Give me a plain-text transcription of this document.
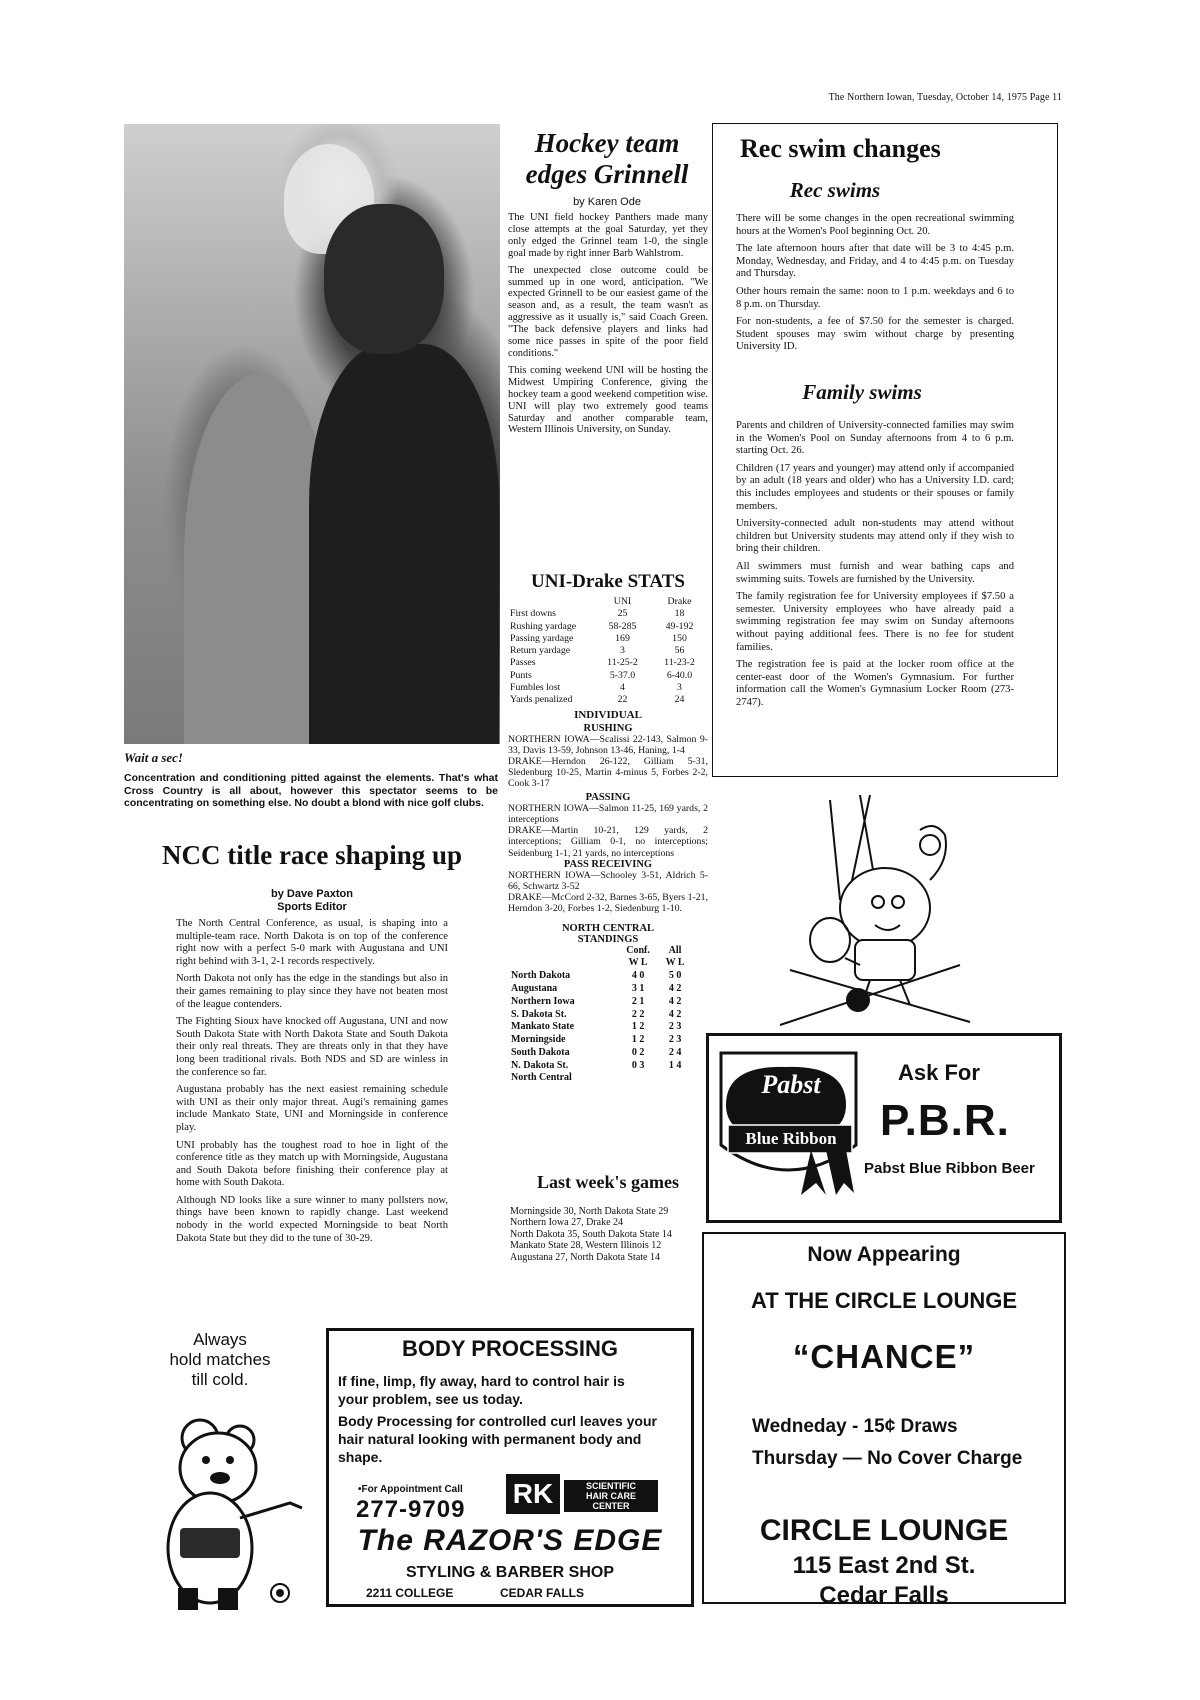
The Northern Iowan, Tuesday, October 14, 1975 Page 11
Wait a sec!
Concentration and conditioning pitted against the elements. That's what Cross Country is all about, however this spectator seems to be concentrating on something else. No doubt a blond with nice golf clubs.
NCC title race shaping up
by Dave Paxton
Sports Editor

The North Central Conference, as usual, is shaping into a multiple-team race. North Dakota is on top of the conference right now with a perfect 5-0 mark with Augustana and UNI right behind with 3-1, 2-1 records respectively.

North Dakota not only has the edge in the standings but also in their games remaining to play since they have not beaten most of the league contenders.

The Fighting Sioux have knocked off Augustana, UNI and now South Dakota State with North Dakota State and South Dakota their only real threats. They are threats only in that they have long been traditional rivals. Both NDS and SD are winless in the conference so far.

Augustana probably has the next easiest remaining schedule with UNI as their only major threat. Augi's remaining games include Mankato State, UNI and Morningside in conference play.

UNI probably has the toughest road to hoe in light of the conference title as they match up with Morningside, Augustana and South Dakota before finishing their conference play at home with South Dakota.

Although ND looks like a sure winner to many pollsters now, things have been known to rapidly change. Last weekend nobody in the world expected Morningside to beat North Dakota State but they did to the tune of 30-29.

Hockey team
edges Grinnell
by Karen Ode

The UNI field hockey Panthers made many close attempts at the goal Saturday, yet they only edged the Grinnel team 1-0, the single goal made by right inner Barb Wahlstrom.

The unexpected close outcome could be summed up in one word, anticipation. "We expected Grinnell to be our easiest game of the season and, as a result, the team wasn't as aggressive as it usually is," said Coach Green. "The back defensive players and links had some nice passes in spite of the poor field conditions."

This coming weekend UNI will be hosting the Midwest Umpiring Conference, giving the hockey team a good weekend competition wise. UNI will play two extremely good teams Saturday and another comparable team, Western Illinois University, on Sunday.

UNI-Drake STATS
	UNI	Drake
First downs	25	18
Rushing yardage	58-285	49-192
Passing yardage	169	150
Return yardage	3	56
Passes	11-25-2	11-23-2
Punts	5-37.0	6-40.0
Fumbles lost	4	3
Yards penalized	22	24
INDIVIDUAL
RUSHING
NORTHERN IOWA—Scalissi 22-143, Salmon 9-33, Davis 13-59, Johnson 13-46, Haning, 1-4
DRAKE—Herndon 26-122, Gilliam 5-31, Sledenburg 10-25, Martin 4-minus 5, Forbes 2-2, Cook 3-17
PASSING
NORTHERN IOWA—Salmon 11-25, 169 yards, 2 interceptions
DRAKE—Martin 10-21, 129 yards, 2 interceptions; Gilliam 0-1, no interceptions; Seidenburg 1-1, 21 yards, no interceptions
PASS RECEIVING
NORTHERN IOWA—Schooley 3-51, Aldrich 5-66, Schwartz 3-52
DRAKE—McCord 2-32, Barnes 3-65, Byers 1-21, Herndon 3-20, Forbes 1-2, Siedenburg 1-10.
NORTH CENTRAL
STANDINGS
	Conf.	All
	W L	W L
North Dakota	4 0	5 0
Augustana	3 1	4 2
Northern Iowa	2 1	4 2
S. Dakota St.	2 2	4 2
Mankato State	1 2	2 3
Morningside	1 2	2 3
South Dakota	0 2	2 4
N. Dakota St.	0 3	1 4
North Central		
Last week's games
Morningside 30, North Dakota State 29
Northern Iowa 27, Drake 24
North Dakota 35, South Dakota State 14
Mankato State 28, Western Illinois 12
Augustana 27, North Dakota State 14
Rec swim changes
Rec swims

There will be some changes in the open recreational swimming hours at the Women's Pool beginning Oct. 20.

The late afternoon hours after that date will be 3 to 4:45 p.m. Monday, Wednesday, and Friday, and 4 to 4:45 p.m. on Tuesday and Thursday.

Other hours remain the same: noon to 1 p.m. weekdays and 6 to 8 p.m. on Thursday.

For non-students, a fee of $7.50 for the semester is charged. Student spouses may swim without charge by presenting University ID.

Family swims

Parents and children of University-connected families may swim in the Women's Pool on Sunday afternoons from 4 to 6 p.m. starting Oct. 26.

Children (17 years and younger) may attend only if accompanied by an adult (18 years and older) who has a University I.D. card; this includes employees and students or their spouses or family members.

University-connected adult non-students may attend without children but University students may attend only if they wish to bring their children.

All swimmers must furnish and wear bathing caps and swimming suits. Towels are furnished by the University.

The family registration fee for University employees if $7.50 a semester. University employees who have already paid a swimming registration fee may swim on Sunday afternoons without paying additional fees. There is no fee for student families.

The registration fee is paid at the locker room office at the center-east door of the Women's Gymnasium. For further information call the Women's Gymnasium Locker Room (273-2747).

Pabst
Blue Ribbon
Ask For
P.B.R.
Pabst Blue Ribbon Beer
Now Appearing
AT THE CIRCLE LOUNGE
“CHANCE”
Wedneday - 15¢ Draws
Thursday — No Cover Charge
CIRCLE LOUNGE
115 East 2nd St.
Cedar Falls
Always
hold matches
till cold.
BODY PROCESSING
If fine, limp, fly away, hard to control hair is your problem, see us today.
Body Processing for controlled curl leaves your hair natural looking with permanent body and shape.
•For Appointment Call
277-9709
RK	SCIENTIFIC
HAIR CARE
CENTER
The RAZOR'S EDGE
STYLING & BARBER SHOP
2211 COLLEGE	CEDAR FALLS
